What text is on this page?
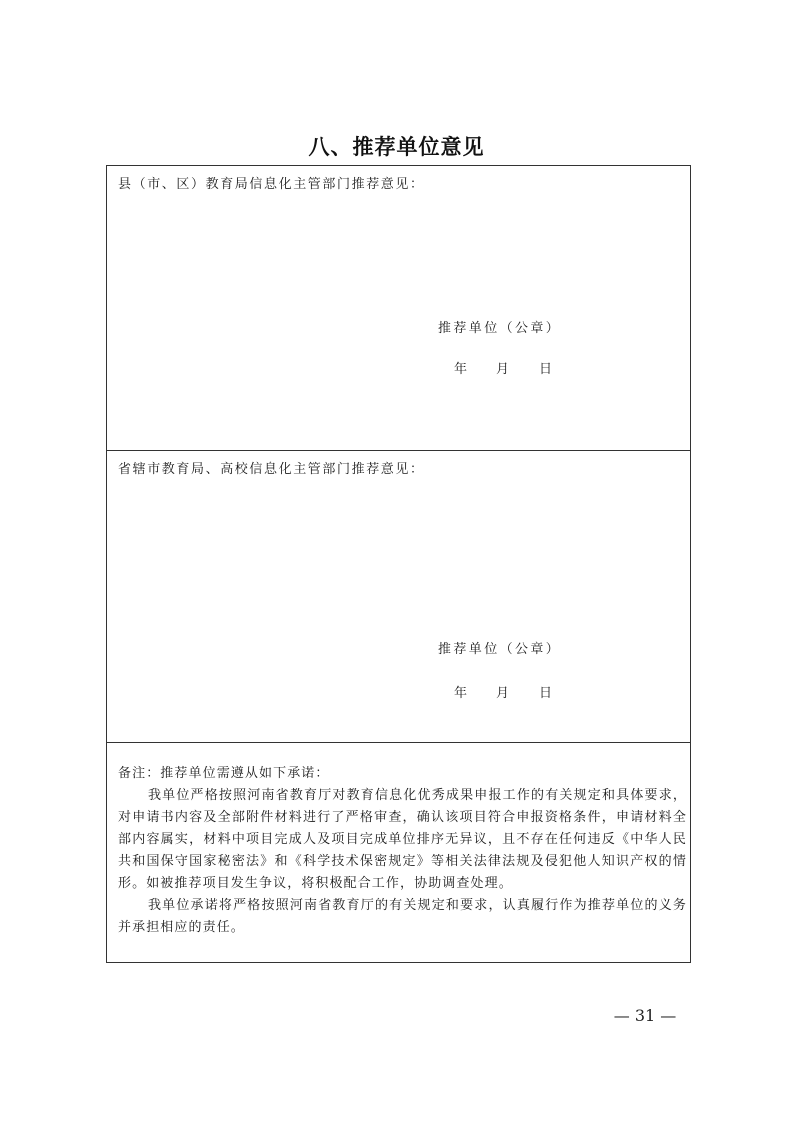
八、推荐单位意见
县（市、区）教育局信息化主管部门推荐意见：
推荐单位（公章）
年 月 日
省辖市教育局、高校信息化主管部门推荐意见：
推荐单位（公章）
年 月 日

备注：推荐单位需遵从如下承诺：

我单位严格按照河南省教育厅对教育信息化优秀成果申报工作的有关规定和具体要求，对申请书内容及全部附件材料进行了严格审查，确认该项目符合申报资格条件，申请材料全部内容属实，材料中项目完成人及项目完成单位排序无异议，且不存在任何违反《中华人民共和国保守国家秘密法》和《科学技术保密规定》等相关法律法规及侵犯他人知识产权的情形。如被推荐项目发生争议，将积极配合工作，协助调查处理。

我单位承诺将严格按照河南省教育厅的有关规定和要求，认真履行作为推荐单位的义务并承担相应的责任。

— 31 —
